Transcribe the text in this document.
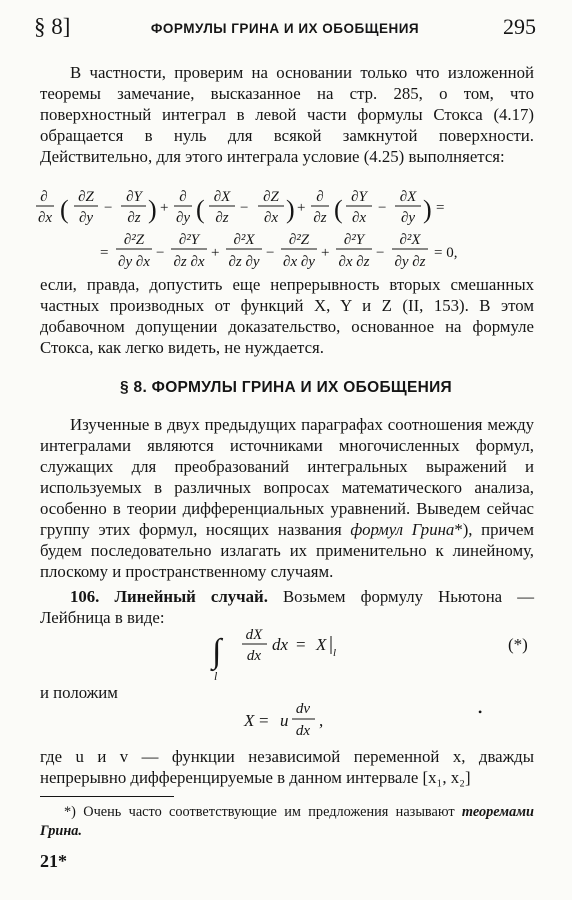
§ 8]	ФОРМУЛЫ ГРИНА И ИХ ОБОБЩЕНИЯ	295
В частности, проверим на основании только что изложенной теоремы замечание, высказанное на стр. 285, о том, что поверхностный интеграл в левой части формулы Стокса (4.17) обращается в нуль для всякой замкнутой поверхности. Действительно, для этого интеграла условие (4.25) выполняется:
∂
∂x ( ∂Z
∂y
−
∂Y
∂z ) +
∂
∂y ( ∂X
∂z
−
∂Z
∂x ) +
∂
∂z ( ∂Y
∂x
−
∂X
∂y ) =
=
∂²Z
∂y ∂x
−
∂²Y
∂z ∂x
+
∂²X
∂z ∂y
−
∂²Z
∂x ∂y
+
∂²Y
∂x ∂z
−
∂²X
∂y ∂z
= 0,
если, правда, допустить еще непрерывность вторых смешанных частных производных от функций X, Y и Z (II, 153). В этом добавочном допущении доказательство, основанное на формуле Стокса, как легко видеть, не нуждается.
§ 8. ФОРМУЛЫ ГРИНА И ИХ ОБОБЩЕНИЯ
Изученные в двух предыдущих параграфах соотношения между интегралами являются источниками многочисленных формул, служащих для преобразований интегральных выражений и используемых в различных вопросах математического анализа, особенно в теории дифференциальных уравнений. Выведем сейчас группу этих формул, носящих названия формул Грина*), причем будем последовательно излагать их применительно к линейному, плоскому и пространственному случаям.
106. Линейный случай. Возьмем формулу Ньютона — Лейбница в виде:
∫
l
dX
dx
dx = X l	(*)
и положим
X = u
dv
dx
,	•
где u и v — функции независимой переменной x, дважды непрерывно дифференцируемые в данном интервале [x₁, x₂]
*) Очень часто соответствующие им предложения называют теоремами Грина.
21*
